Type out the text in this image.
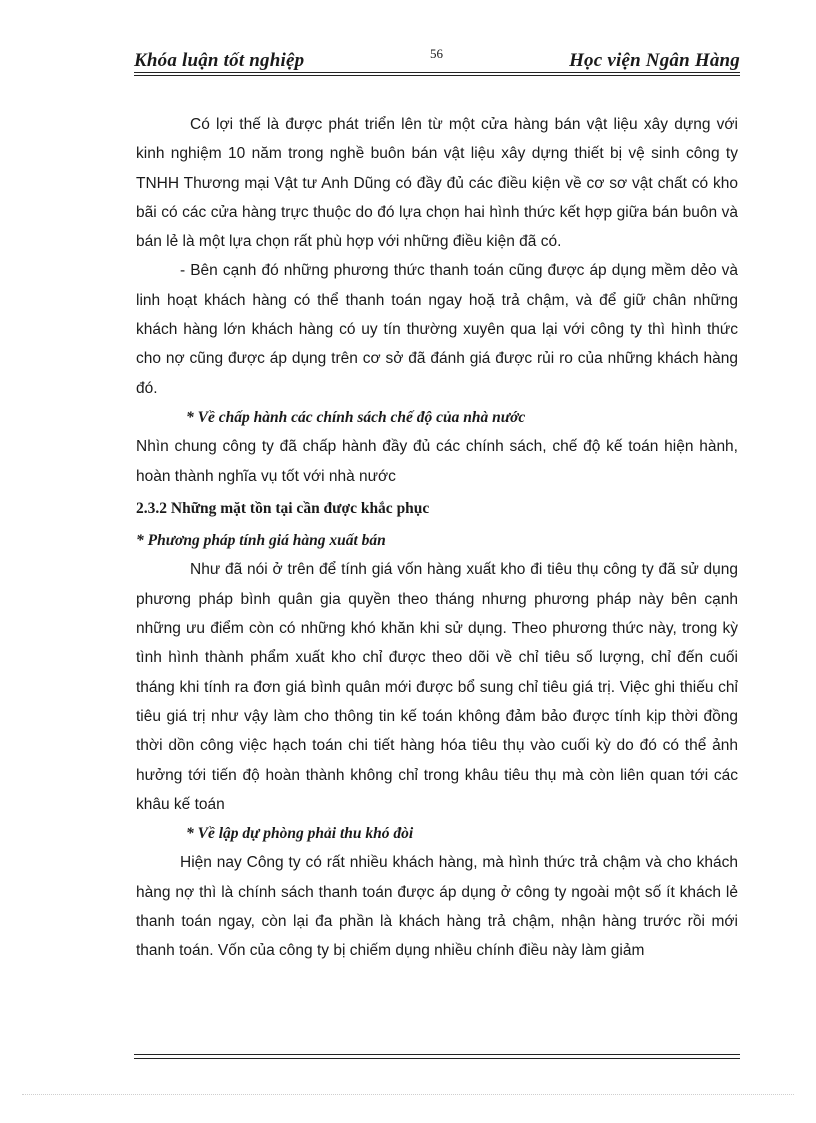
Khóa luận tốt nghiệp	56	Học viện Ngân Hàng

Có lợi thế là được phát triển lên từ một cửa hàng bán vật liệu xây dựng với kinh nghiệm 10 năm trong nghề buôn bán vật liệu xây dựng thiết bị vệ sinh công ty TNHH Thương mại Vật tư Anh Dũng có đầy đủ các điều kiện về cơ sơ vật chất có kho bãi có các cửa hàng trực thuộc do đó lựa chọn hai hình thức kết hợp giữa bán buôn và bán lẻ là một lựa chọn rất phù hợp với những điều kiện đã có.

- Bên cạnh đó những phương thức thanh toán cũng được áp dụng mềm dẻo và linh hoạt khách hàng có thể thanh toán ngay hoặ trả chậm, và để giữ chân những khách hàng lớn khách hàng có uy tín thường xuyên qua lại với công ty thì hình thức cho nợ cũng được áp dụng trên cơ sở đã đánh giá được rủi ro của những khách hàng đó.

* Về chấp hành các chính sách chế độ của nhà nước

Nhìn chung công ty đã chấp hành đầy đủ các chính sách, chế độ kế toán hiện hành, hoàn thành nghĩa vụ tốt với nhà nước

2.3.2 Những mặt tồn tại cần được khắc phục

* Phương pháp tính giá hàng xuất bán

Như đã nói ở trên để tính giá vốn hàng xuất kho đi tiêu thụ công ty đã sử dụng phương pháp bình quân gia quyền theo tháng nhưng phương pháp này bên cạnh những ưu điểm còn có những khó khăn khi sử dụng. Theo phương thức này, trong kỳ tình hình thành phẩm xuất kho chỉ được theo dõi về chỉ tiêu số lượng, chỉ đến cuối tháng khi tính ra đơn giá bình quân mới được bổ sung chỉ tiêu giá trị. Việc ghi thiếu chỉ tiêu giá trị như vậy làm cho thông tin kế toán không đảm bảo được tính kịp thời đồng thời dồn công việc hạch toán chi tiết hàng hóa tiêu thụ vào cuối kỳ do đó có thể ảnh hưởng tới tiến độ hoàn thành không chỉ trong khâu tiêu thụ mà còn liên quan tới các khâu kế toán

* Về lập dự phòng phải thu khó đòi

Hiện nay Công ty có rất nhiều khách hàng, mà hình thức trả chậm và cho khách hàng nợ thì là chính sách thanh toán được áp dụng ở công ty ngoài một số ít khách lẻ thanh toán ngay, còn lại đa phần là khách hàng trả chậm, nhận hàng trước rồi mới thanh toán. Vốn của công ty bị chiếm dụng nhiều chính điều này làm giảm
